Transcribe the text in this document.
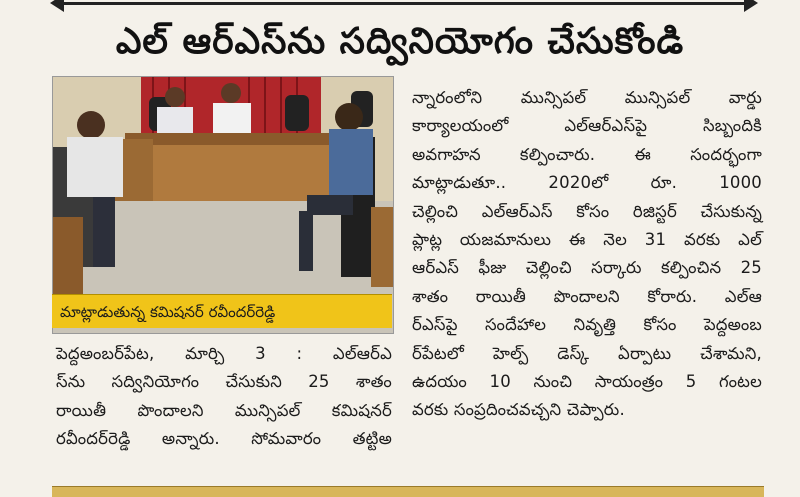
ఎల్ ఆర్ఎస్‌ను సద్వినియోగం చేసుకోండి
మాట్లాడుతున్న కమిషనర్ రవీందర్‌రెడ్డి
న్నారంలోని మున్సిపల్ మున్సిపల్ వార్డు
కార్యాలయంలో ఎల్ఆర్ఎస్‌పై సిబ్బందికి
అవగాహన కల్పించారు. ఈ సందర్భంగా
మాట్లాడుతూ.. 2020లో రూ. 1000
చెల్లించి ఎల్ఆర్ఎస్ కోసం రిజిస్టర్ చేసుకున్న
ప్లాట్ల యజమానులు ఈ నెల 31 వరకు ఎల్
ఆర్ఎస్ ఫీజు చెల్లించి సర్కారు కల్పించిన 25
శాతం రాయితీ పొందాలని కోరారు. ఎల్ఆ
ర్ఎస్‌పై సందేహాల నివృత్తి కోసం పెద్దఅంబ
ర్‌పేటలో హెల్ప్ డెస్క్ ఏర్పాటు చేశామని,
ఉదయం 10 నుంచి సాయంత్రం 5 గంటల
వరకు సంప్రదించవచ్చని చెప్పారు.
పెద్దఅంబర్‌పేట, మార్చి 3 : ఎల్ఆర్ఎ
స్‌ను సద్వినియోగం చేసుకుని 25 శాతం
రాయితీ పొందాలని మున్సిపల్ కమిషనర్
రవీందర్‌రెడ్డి అన్నారు. సోమవారం తట్టిఅ
